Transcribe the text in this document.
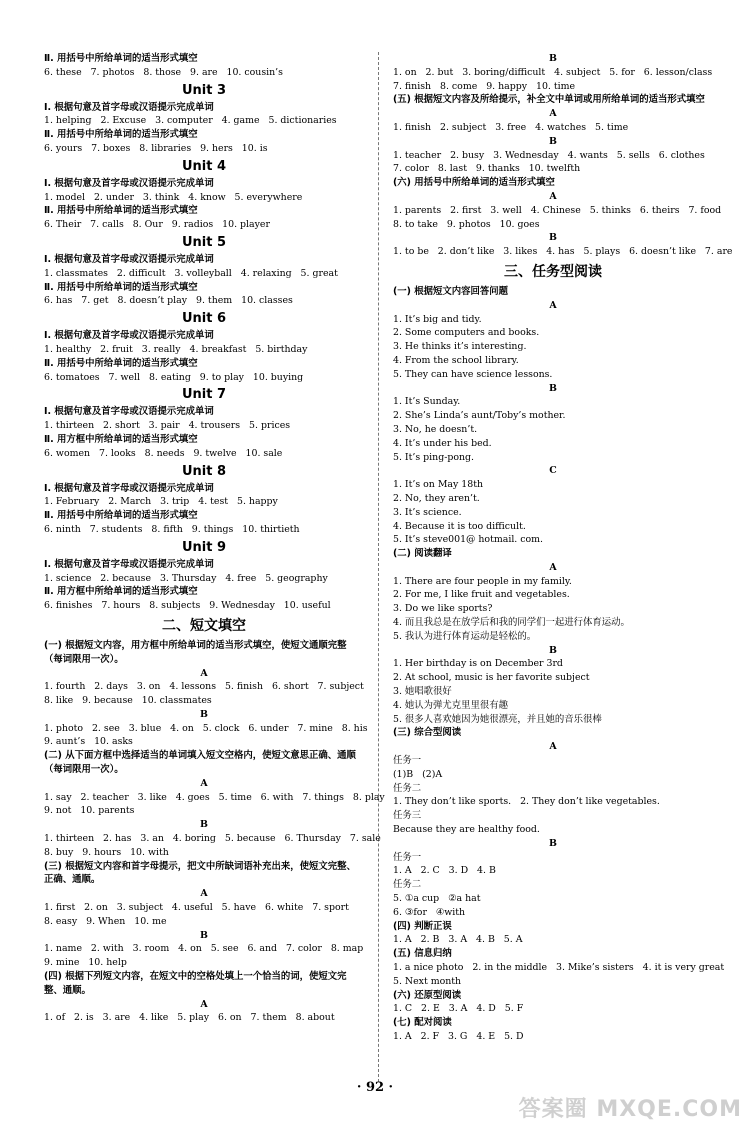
Ⅱ. 用括号中所给单词的适当形式填空
6. these   7. photos   8. those   9. are   10. cousin’s
Unit 3
Ⅰ. 根据句意及首字母或汉语提示完成单词
1. helping   2. Excuse   3. computer   4. game   5. dictionaries
Ⅱ. 用括号中所给单词的适当形式填空
6. yours   7. boxes   8. libraries   9. hers   10. is
Unit 4
Ⅰ. 根据句意及首字母或汉语提示完成单词
1. model   2. under   3. think   4. know   5. everywhere
Ⅱ. 用括号中所给单词的适当形式填空
6. Their   7. calls   8. Our   9. radios   10. player
Unit 5
Ⅰ. 根据句意及首字母或汉语提示完成单词
1. classmates   2. difficult   3. volleyball   4. relaxing   5. great
Ⅱ. 用括号中所给单词的适当形式填空
6. has   7. get   8. doesn’t play   9. them   10. classes
Unit 6
Ⅰ. 根据句意及首字母或汉语提示完成单词
1. healthy   2. fruit   3. really   4. breakfast   5. birthday
Ⅱ. 用括号中所给单词的适当形式填空
6. tomatoes   7. well   8. eating   9. to play   10. buying
Unit 7
Ⅰ. 根据句意及首字母或汉语提示完成单词
1. thirteen   2. short   3. pair   4. trousers   5. prices
Ⅱ. 用方框中所给单词的适当形式填空
6. women   7. looks   8. needs   9. twelve   10. sale
Unit 8
Ⅰ. 根据句意及首字母或汉语提示完成单词
1. February   2. March   3. trip   4. test   5. happy
Ⅱ. 用括号中所给单词的适当形式填空
6. ninth   7. students   8. fifth   9. things   10. thirtieth
Unit 9
Ⅰ. 根据句意及首字母或汉语提示完成单词
1. science   2. because   3. Thursday   4. free   5. geography
Ⅱ. 用方框中所给单词的适当形式填空
6. finishes   7. hours   8. subjects   9. Wednesday   10. useful
二、短文填空
(一) 根据短文内容，用方框中所给单词的适当形式填空，使短文通顺完整（每词限用一次）。
A
1. fourth   2. days   3. on   4. lessons   5. finish   6. short   7. subject
8. like   9. because   10. classmates
B
1. photo   2. see   3. blue   4. on   5. clock   6. under   7. mine   8. his
9. aunt’s   10. asks
(二) 从下面方框中选择适当的单词填入短文空格内，使短文意思正确、通顺（每词限用一次）。
A
1. say   2. teacher   3. like   4. goes   5. time   6. with   7. things   8. play
9. not   10. parents
B
1. thirteen   2. has   3. an   4. boring   5. because   6. Thursday   7. sale
8. buy   9. hours   10. with
(三) 根据短文内容和首字母提示，把文中所缺词语补充出来，使短文完整、正确、通顺。
A
1. first   2. on   3. subject   4. useful   5. have   6. white   7. sport
8. easy   9. When   10. me
B
1. name   2. with   3. room   4. on   5. see   6. and   7. color   8. map
9. mine   10. help
(四) 根据下列短文内容，在短文中的空格处填上一个恰当的词，使短文完整、通顺。
A
1. of   2. is   3. are   4. like   5. play   6. on   7. them   8. about
B
1. on   2. but   3. boring/difficult   4. subject   5. for   6. lesson/class
7. finish   8. come   9. happy   10. time
(五) 根据短文内容及所给提示，补全文中单词或用所给单词的适当形式填空
A
1. finish   2. subject   3. free   4. watches   5. time
B
1. teacher   2. busy   3. Wednesday   4. wants   5. sells   6. clothes
7. color   8. last   9. thanks   10. twelfth
(六) 用括号中所给单词的适当形式填空
A
1. parents   2. first   3. well   4. Chinese   5. thinks   6. theirs   7. food
8. to take   9. photos   10. goes
B
1. to be   2. don’t like   3. likes   4. has   5. plays   6. doesn’t like   7. are
三、任务型阅读
(一) 根据短文内容回答问题
A
1. It’s big and tidy.
2. Some computers and books.
3. He thinks it’s interesting.
4. From the school library.
5. They can have science lessons.
B
1. It’s Sunday.
2. She’s Linda’s aunt/Toby’s mother.
3. No, he doesn’t.
4. It’s under his bed.
5. It’s ping-pong.
C
1. It’s on May 18th
2. No, they aren’t.
3. It’s science.
4. Because it is too difficult.
5. It’s steve001@ hotmail. com.
(二) 阅读翻译
A
1. There are four people in my family.
2. For me, I like fruit and vegetables.
3. Do we like sports?
4. 而且我总是在放学后和我的同学们一起进行体育运动。
5. 我认为进行体育运动是轻松的。
B
1. Her birthday is on December 3rd
2. At school, music is her favorite subject
3. 她唱歌很好
4. 她认为弹尤克里里很有趣
5. 很多人喜欢她因为她很漂亮，并且她的音乐很棒
(三) 综合型阅读
A
任务一
(1)B   (2)A
任务二
1. They don’t like sports.   2. They don’t like vegetables.
任务三
Because they are healthy food.
B
任务一
1. A   2. C   3. D   4. B
任务二
5. ①a cup   ②a hat
6. ③for   ④with
(四) 判断正误
1. A   2. B   3. A   4. B   5. A
(五) 信息归纳
1. a nice photo   2. in the middle   3. Mike’s sisters   4. it is very great
5. Next month
(六) 还原型阅读
1. C   2. E   3. A   4. D   5. F
(七) 配对阅读
1. A   2. F   3. G   4. E   5. D
· 92 ·
答案圈 MXQE.COM
